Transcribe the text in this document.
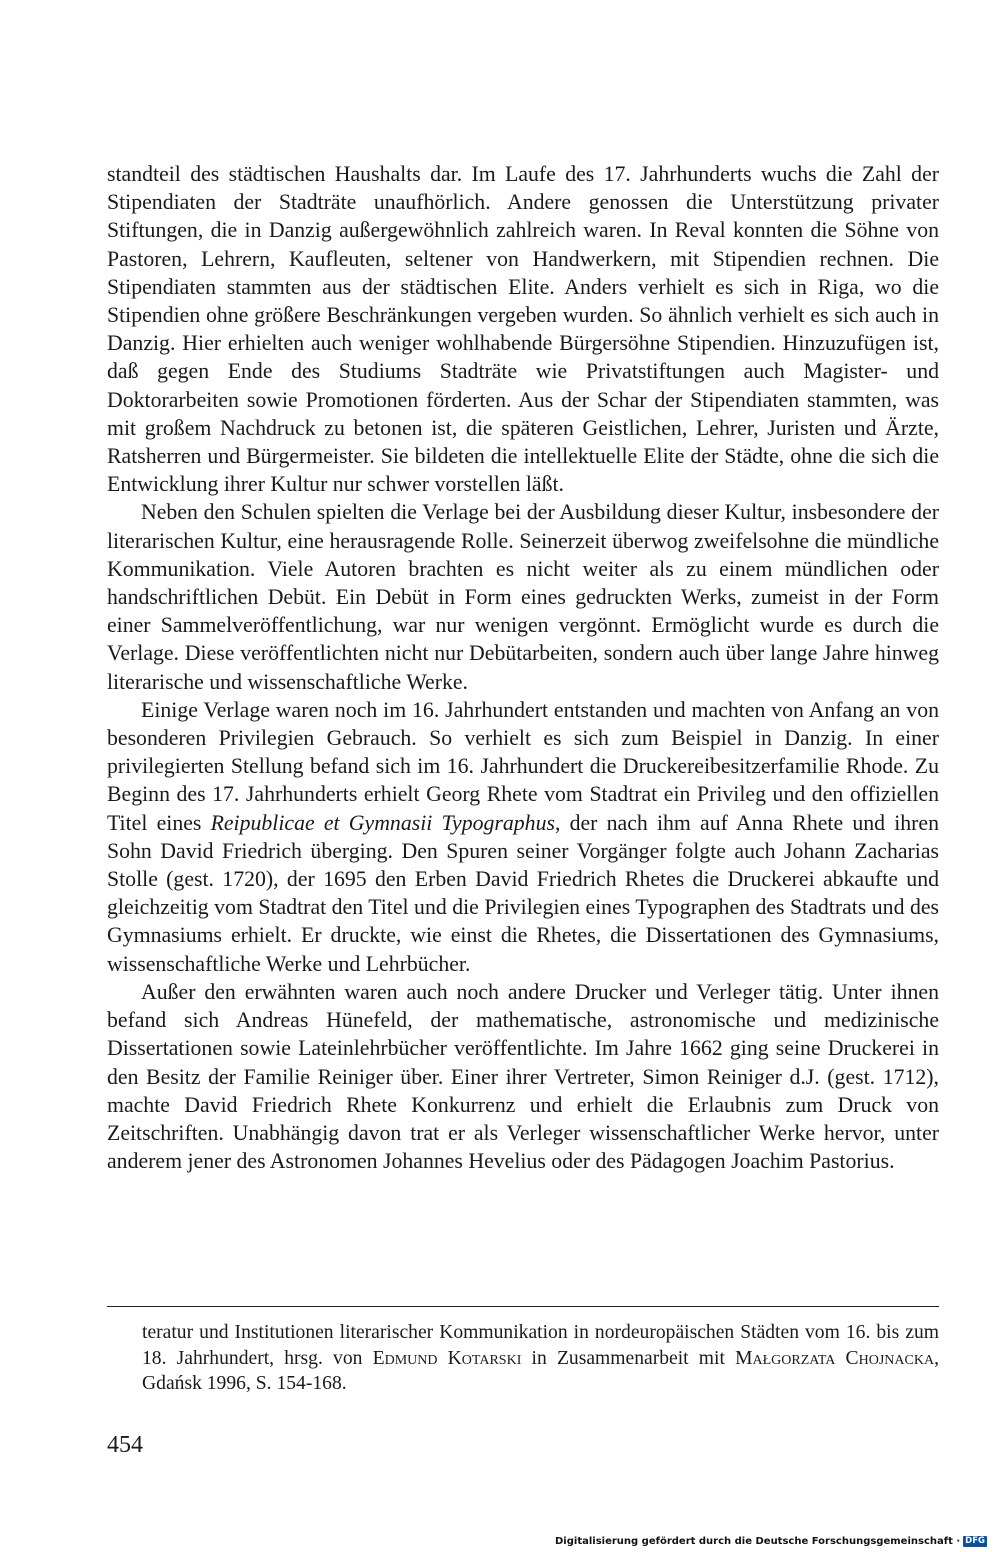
standteil des städtischen Haushalts dar. Im Laufe des 17. Jahrhunderts wuchs die Zahl der Stipendiaten der Stadträte unaufhörlich. Andere genossen die Unterstützung privater Stiftungen, die in Danzig außergewöhnlich zahlreich waren. In Reval konnten die Söhne von Pastoren, Lehrern, Kaufleuten, seltener von Handwerkern, mit Stipendien rechnen. Die Stipendiaten stammten aus der städtischen Elite. Anders verhielt es sich in Riga, wo die Stipendien ohne größere Beschränkungen vergeben wurden. So ähnlich verhielt es sich auch in Danzig. Hier erhielten auch weniger wohlhabende Bürgersöhne Stipendien. Hinzuzufügen ist, daß gegen Ende des Studiums Stadträte wie Privatstiftungen auch Magister- und Doktorarbeiten sowie Promotionen förderten. Aus der Schar der Stipendiaten stammten, was mit großem Nachdruck zu betonen ist, die späteren Geistlichen, Lehrer, Juristen und Ärzte, Ratsherren und Bürgermeister. Sie bildeten die intellektuelle Elite der Städte, ohne die sich die Entwicklung ihrer Kultur nur schwer vorstellen läßt.

Neben den Schulen spielten die Verlage bei der Ausbildung dieser Kultur, insbesondere der literarischen Kultur, eine herausragende Rolle. Seinerzeit überwog zweifelsohne die mündliche Kommunikation. Viele Autoren brachten es nicht weiter als zu einem mündlichen oder handschriftlichen Debüt. Ein Debüt in Form eines gedruckten Werks, zumeist in der Form einer Sammelveröffentlichung, war nur wenigen vergönnt. Ermöglicht wurde es durch die Verlage. Diese veröffentlichten nicht nur Debütarbeiten, sondern auch über lange Jahre hinweg literarische und wissenschaftliche Werke.

Einige Verlage waren noch im 16. Jahrhundert entstanden und machten von Anfang an von besonderen Privilegien Gebrauch. So verhielt es sich zum Beispiel in Danzig. In einer privilegierten Stellung befand sich im 16. Jahrhundert die Druckereibesitzerfamilie Rhode. Zu Beginn des 17. Jahrhunderts erhielt Georg Rhete vom Stadtrat ein Privileg und den offiziellen Titel eines Reipublicae et Gymnasii Typographus, der nach ihm auf Anna Rhete und ihren Sohn David Friedrich überging. Den Spuren seiner Vorgänger folgte auch Johann Zacharias Stolle (gest. 1720), der 1695 den Erben David Friedrich Rhetes die Druckerei abkaufte und gleichzeitig vom Stadtrat den Titel und die Privilegien eines Typographen des Stadtrats und des Gymnasiums erhielt. Er druckte, wie einst die Rhetes, die Dissertationen des Gymnasiums, wissenschaftliche Werke und Lehrbücher.

Außer den erwähnten waren auch noch andere Drucker und Verleger tätig. Unter ihnen befand sich Andreas Hünefeld, der mathematische, astronomische und medizinische Dissertationen sowie Lateinlehrbücher veröffentlichte. Im Jahre 1662 ging seine Druckerei in den Besitz der Familie Reiniger über. Einer ihrer Vertreter, Simon Reiniger d.J. (gest. 1712), machte David Friedrich Rhete Konkurrenz und erhielt die Erlaubnis zum Druck von Zeitschriften. Unabhängig davon trat er als Verleger wissenschaftlicher Werke hervor, unter anderem jener des Astronomen Johannes Hevelius oder des Pädagogen Joachim Pastorius.

teratur und Institutionen literarischer Kommunikation in nordeuropäischen Städten vom 16. bis zum 18. Jahrhundert, hrsg. von Edmund Kotarski in Zusammenarbeit mit Małgorzata Chojnacka, Gdańsk 1996, S. 154-168.

454
Digitalisierung gefördert durch die Deutsche Forschungsgemeinschaft · DFG
